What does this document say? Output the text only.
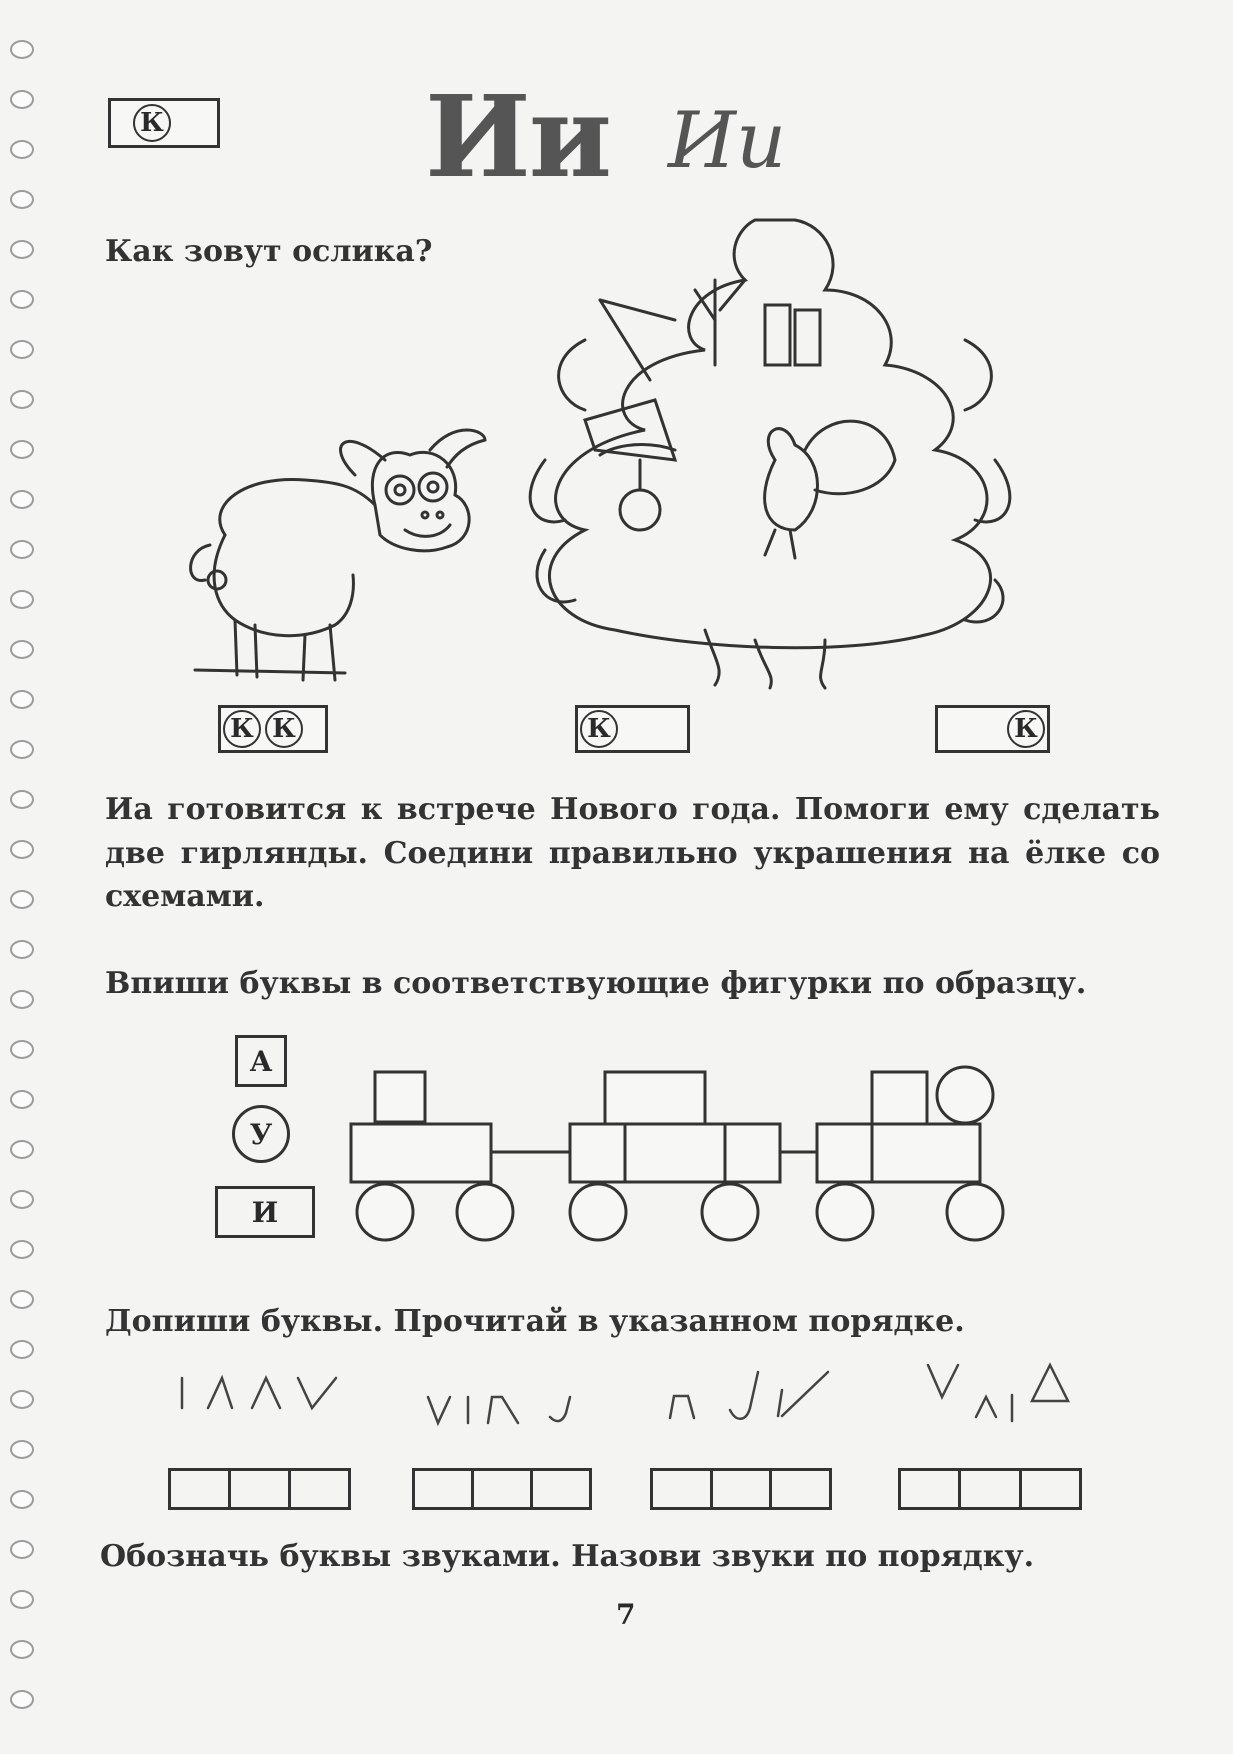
К Ии Ии
Как зовут ослика?
К К	К	К
Иа готовится к встрече Нового года. Помоги ему сделать две гирлянды. Соедини правильно украшения на ёлке со схемами.
Впиши буквы в соответствующие фигурки по образцу.
А
У
И
Допиши буквы. Прочитай в указанном порядке.
Обозначь буквы звуками. Назови звуки по порядку.
7
